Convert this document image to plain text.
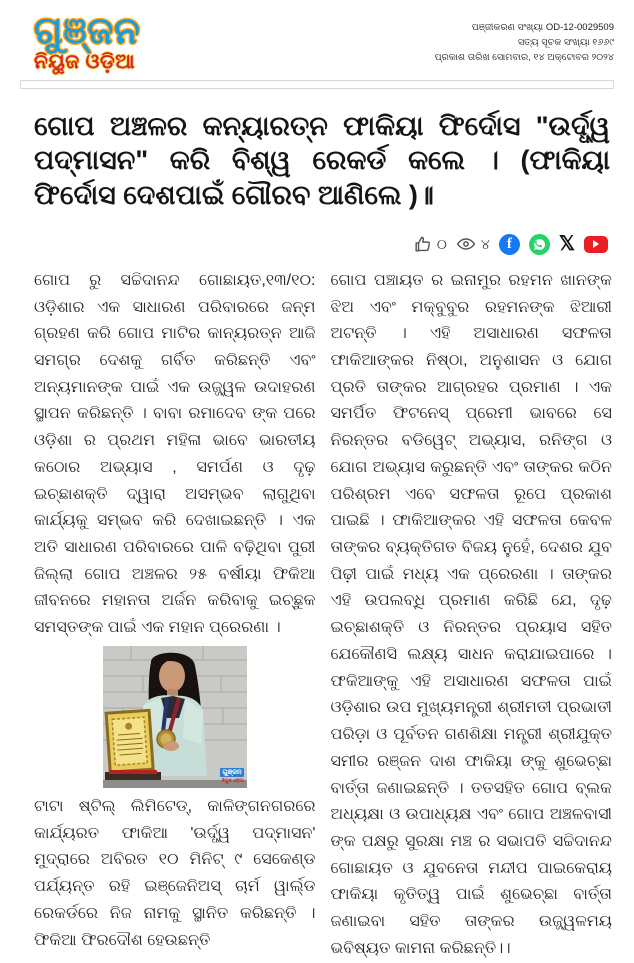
ଗୁଞ୍ଜନ
ନିୟୁଜ ଓଡ଼ିଆ
ପଞ୍ଜୀକରଣ ସଂଖ୍ୟା OD-12-0029509
ସତ୍ୟ ସୂଚକ ସଂଖ୍ୟା ୧୬୬୯
ପ୍ରକାଶ ତାରିଖ ସୋମବାର, ୧୪ ଅକ୍ଟୋବର ୨୦୨୪
ଗୋପ ଅଞ୍ଚଳର କନ୍ୟାରତ୍ନ ଫାକିୟା ଫିର୍ଦୋସ "ଉର୍ଦ୍ଧ୍ୱ ପଦ୍ମାସନ" କରି ବିଶ୍ୱ ରେକର୍ଡ କଲେ । (ଫାକିୟା ଫିର୍ଦୋସ ଦେଶପାଇଁ ଗୌରବ ଆଣିଲେ )॥
୦ ୪	f	𝕏

ଗୋପ ରୁ ସଚ୍ଚିଦାନନ୍ଦ ଗୋଛାୟତ,୧୩/୧୦: ଓଡ଼ିଶାର ଏକ ସାଧାରଣ ପରିବାରରେ ଜନ୍ମ ଗ୍ରହଣ କରି ଗୋପ ମାଟିର କାନ୍ୟରତ୍ନ ଆଜି ସମଗ୍ର ଦେଶକୁ ଗର୍ବିତ କରିଛନ୍ତି ଏବଂ ଅନ୍ୟମାନଙ୍କ ପାଇଁ ଏକ ଉଜ୍ଜ୍ୱଳ ଉଦାହରଣ ସ୍ଥାପନ କରିଛନ୍ତି । ବାବା ରମାଦେବ ଙ୍କ ପରେ ଓଡ଼ିଶା ର ପ୍ରଥମ ମହିଳା ଭାବେ ଭାରତୀୟ କଠୋର ଅଭ୍ୟାସ , ସମର୍ପଣ ଓ ଦୃଢ଼ ଇଚ୍ଛାଶକ୍ତି ଦ୍ୱାରା ଅସମ୍ଭବ ଲାଗୁଥିବା କାର୍ଯ୍ୟକୁ ସମ୍ଭବ କରି ଦେଖାଇଛନ୍ତି । ଏକ ଅତି ସାଧାରଣ ପରିବାରରେ ପାଳି ବଢ଼ିଥିବା ପୁରୀ ଜିଲ୍ଲା ଗୋପ ଅଞ୍ଚଳର ୨୫ ବର୍ଷୀୟା ଫିକିଆ ଜୀବନରେ ମହାନତା ଅର୍ଜନ କରିବାକୁ ଇଚ୍ଛୁକ ସମସ୍ତଙ୍କ ପାଇଁ ଏକ ମହାନ ପ୍ରେରଣା ।

ଗୁଞ୍ଜନ
ନିୟୁଜ ଓଡ଼ିଆ

ଟାଟା ଷ୍ଟିଲ୍ ଲିମିଟେଡ୍, କାଳିଙ୍ଗନଗରରେ କାର୍ଯ୍ୟରତ ଫାକିଆ 'ଉର୍ଦ୍ଧ୍ୱ ପଦ୍ମାସନ' ମୁଦ୍ରାରେ ଅବିରତ ୧୦ ମିନିଟ୍ ୯ ସେକେଣ୍ଡ ପର୍ଯ୍ୟନ୍ତ ରହି ଇଞ୍ଜେନିଅସ୍ ଚାର୍ମ ୱାର୍ଲ୍ଡ ରେକର୍ଡରେ ନିଜ ନାମକୁ ସ୍ଥାନିତ କରିଛନ୍ତି । ଫିକିଆ ଫିରଦୌଶ ହେଉଛନ୍ତି

ଗୋପ ପଞ୍ଚାୟତ ର ଇନାମୁର ରହମନ ଖାନଙ୍କ ଝିଅ ଏବଂ ମକ୍ବୁବୁର ରହମନଙ୍କ ଝିଆରୀ ଅଟନ୍ତି । ଏହି ଅସାଧାରଣ ସଫଳତା ଫାକିଆଙ୍କର ନିଷ୍ଠା, ଅନୁଶାସନ ଓ ଯୋଗ ପ୍ରତି ତାଙ୍କର ଆଗ୍ରହର ପ୍ରମାଣ । ଏକ ସମର୍ପିତ ଫିଟନେସ୍ ପ୍ରେମୀ ଭାବରେ ସେ ନିରନ୍ତର ବଡିୱେଟ୍ ଅଭ୍ୟାସ, ରନିଙ୍ଗ ଓ ଯୋଗ ଅଭ୍ୟାସ କରୁଛନ୍ତି ଏବଂ ତାଙ୍କର କଠିନ ପରିଶ୍ରମ ଏବେ ସଫଳତା ରୂପେ ପ୍ରକାଶ ପାଇଛି । ଫାକିଆଙ୍କର ଏହି ସଫଳତା କେବଳ ତାଙ୍କର ବ୍ୟକ୍ତିଗତ ବିଜୟ ନୁହେଁ, ଦେଶର ଯୁବ ପିଢ଼ୀ ପାଇଁ ମଧ୍ୟ ଏକ ପ୍ରେରଣା । ତାଙ୍କର ଏହି ଉପଲବ୍ଧି ପ୍ରମାଣ କରିଛି ଯେ, ଦୃଢ଼ ଇଚ୍ଛାଶକ୍ତି ଓ ନିରନ୍ତର ପ୍ରୟାସ ସହିତ ଯେକୌଣସି ଲକ୍ଷ୍ୟ ସାଧନ କରାଯାଇପାରେ । ଫକିଆଙ୍କୁ ଏହି ଅସାଧାରଣ ସଫଳତା ପାଇଁ ଓଡ଼ିଶାର ଉପ ମୁଖ୍ୟମନ୍ତ୍ରୀ ଶ୍ରୀମତୀ ପ୍ରଭାତୀ ପରିଡ଼ା ଓ ପୂର୍ବତନ ଗଣଶିକ୍ଷା ମନ୍ତ୍ରୀ ଶ୍ରୀଯୁକ୍ତ ସମୀର ରଞ୍ଜନ ଦାଶ ଫାକିୟା ଙ୍କୁ ଶୁଭେଚ୍ଛା ବାର୍ତ୍ତା ଜଣାଇଛନ୍ତି । ତତସହିତ ଗୋପ ବ୍ଲକ ଅଧ୍ୟକ୍ଷା ଓ ଉପାଧ୍ୟକ୍ଷ ଏବଂ ଗୋପ ଅଞ୍ଚଳବାସୀ ଙ୍କ ପକ୍ଷରୁ ସୁରକ୍ଷା ମଞ୍ଚ ର ସଭାପତି ସଚ୍ଚିଦାନନ୍ଦ ଗୋଛାୟତ ଓ ଯୁବନେତା ମନ୍ଦୀପ ପାଇକେରାୟ ଫାକିୟା କୃତିତ୍ୱ ପାଇଁ ଶୁଭେଚ୍ଛା ବାର୍ତ୍ତା ଜଣାଇବା ସହିତ ତାଙ୍କର ଉଜ୍ଜ୍ୱଳମୟ ଭବିଷ୍ୟତ କାମନା କରିଛନ୍ତି।।
